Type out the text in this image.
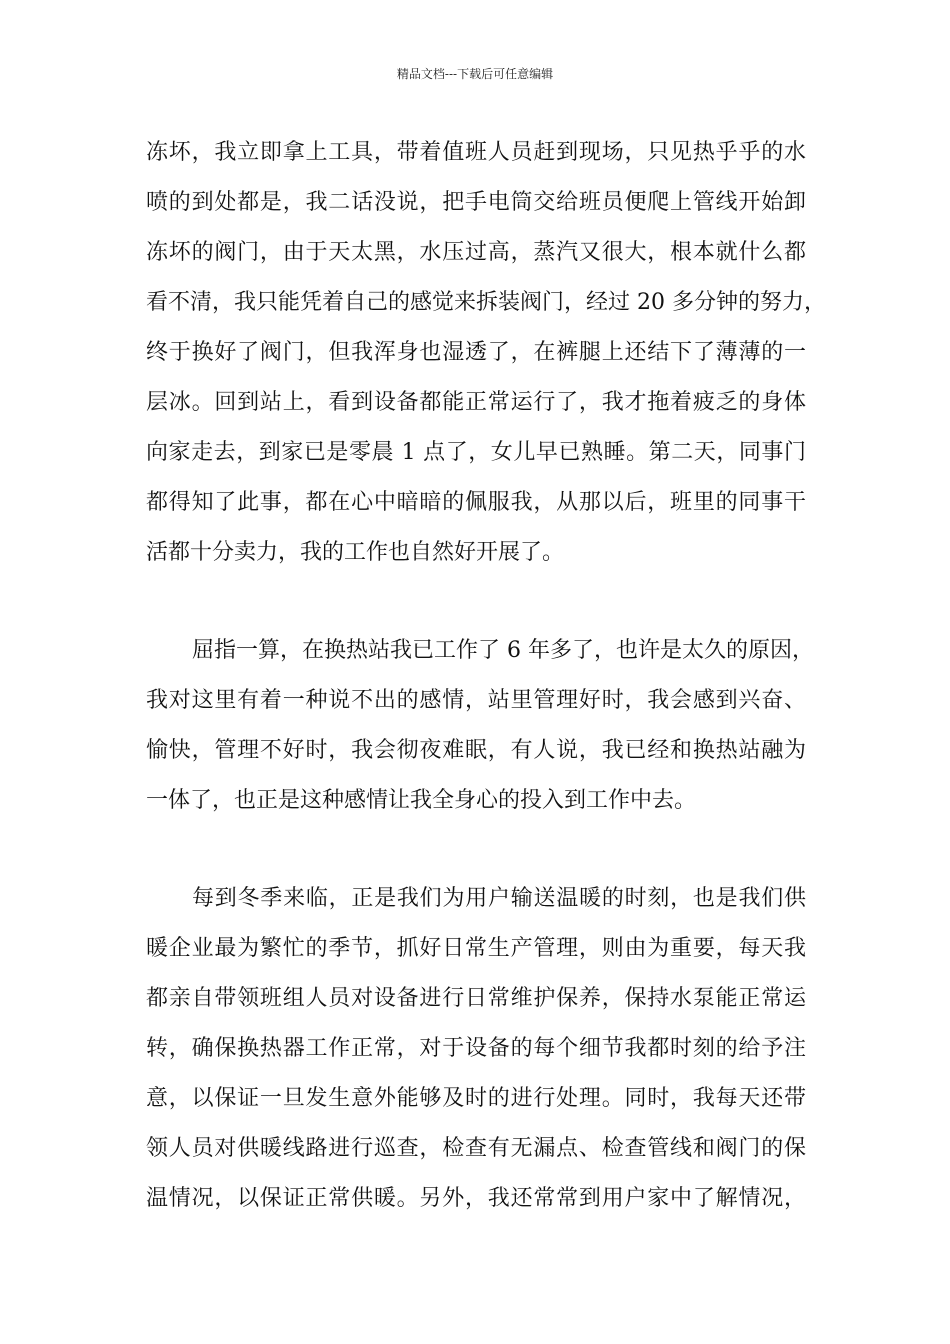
精品文档---下载后可任意编辑
冻坏，我立即拿上工具，带着值班人员赶到现场，只见热乎乎的水
喷的到处都是，我二话没说，把手电筒交给班员便爬上管线开始卸
冻坏的阀门，由于天太黑，水压过高，蒸汽又很大，根本就什么都
看不清，我只能凭着自己的感觉来拆装阀门，经过 20 多分钟的努力，
终于换好了阀门，但我浑身也湿透了，在裤腿上还结下了薄薄的一
层冰。回到站上，看到设备都能正常运行了，我才拖着疲乏的身体
向家走去，到家已是零晨 1 点了，女儿早已熟睡。第二天，同事门
都得知了此事，都在心中暗暗的佩服我，从那以后，班里的同事干
活都十分卖力，我的工作也自然好开展了。
屈指一算，在换热站我已工作了 6 年多了，也许是太久的原因，
我对这里有着一种说不出的感情，站里管理好时，我会感到兴奋、
愉快，管理不好时，我会彻夜难眠，有人说，我已经和换热站融为
一体了，也正是这种感情让我全身心的投入到工作中去。
每到冬季来临，正是我们为用户输送温暖的时刻，也是我们供
暖企业最为繁忙的季节，抓好日常生产管理，则由为重要，每天我
都亲自带领班组人员对设备进行日常维护保养，保持水泵能正常运
转，确保换热器工作正常，对于设备的每个细节我都时刻的给予注
意，以保证一旦发生意外能够及时的进行处理。同时，我每天还带
领人员对供暖线路进行巡查，检查有无漏点、检查管线和阀门的保
温情况，以保证正常供暖。另外，我还常常到用户家中了解情况，
